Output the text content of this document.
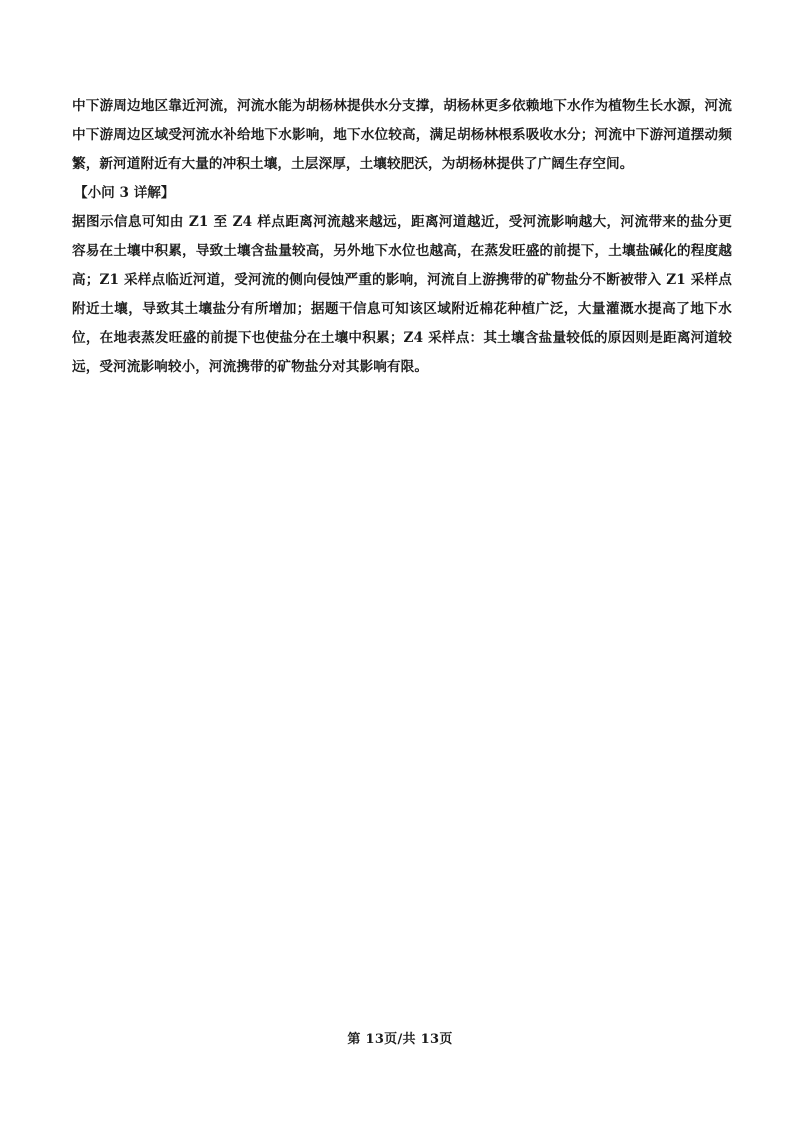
中下游周边地区靠近河流，河流水能为胡杨林提供水分支撑，胡杨林更多依赖地下水作为植物生长水源，河流中下游周边区域受河流水补给地下水影响，地下水位较高，满足胡杨林根系吸收水分；河流中下游河道摆动频繁，新河道附近有大量的冲积土壤，土层深厚，土壤较肥沃，为胡杨林提供了广阔生存空间。

【小问 3 详解】

据图示信息可知由 Z1 至 Z4 样点距离河流越来越远，距离河道越近，受河流影响越大，河流带来的盐分更容易在土壤中积累，导致土壤含盐量较高，另外地下水位也越高，在蒸发旺盛的前提下，土壤盐碱化的程度越高；Z1 采样点临近河道，受河流的侧向侵蚀严重的影响，河流自上游携带的矿物盐分不断被带入 Z1 采样点附近土壤，导致其土壤盐分有所增加；据题干信息可知该区域附近棉花种植广泛，大量灌溉水提高了地下水位，在地表蒸发旺盛的前提下也使盐分在土壤中积累；Z4 采样点：其土壤含盐量较低的原因则是距离河道较远，受河流影响较小，河流携带的矿物盐分对其影响有限。

第 13页/共 13页
